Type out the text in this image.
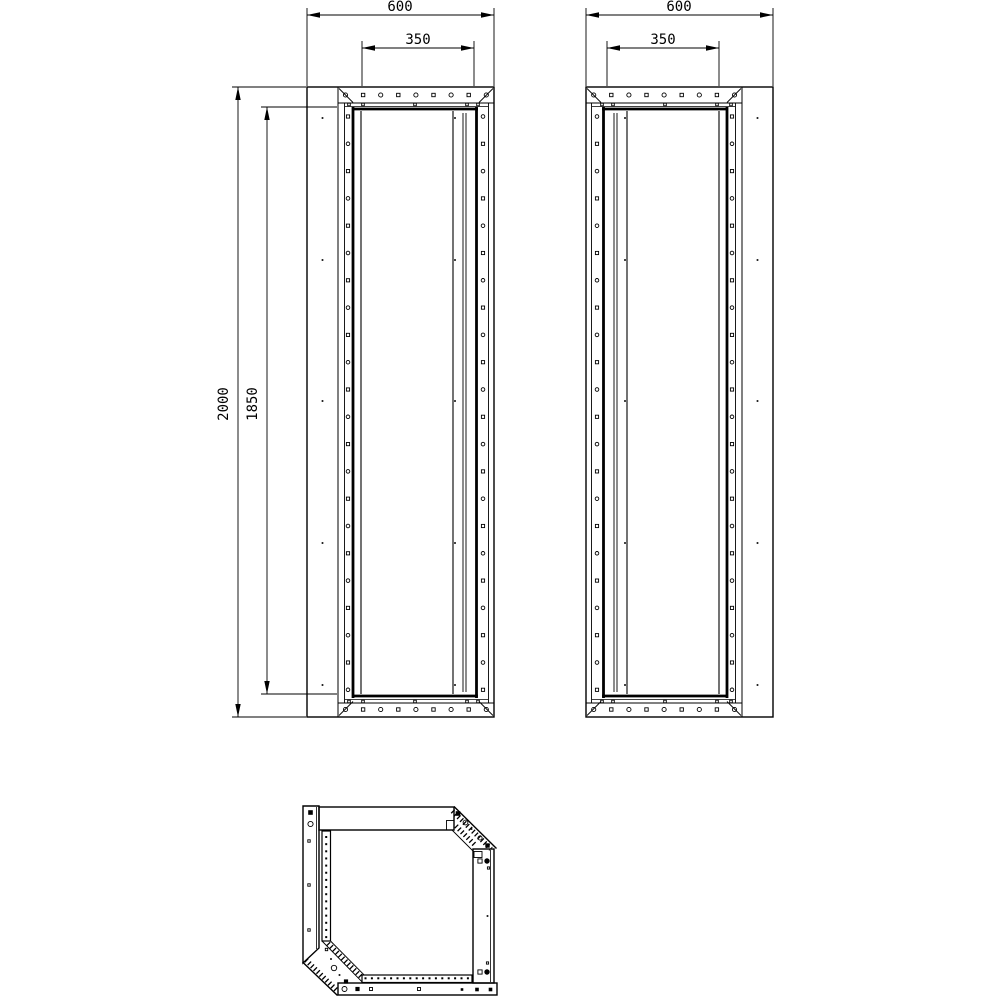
600
350
600
350
2000 1850
